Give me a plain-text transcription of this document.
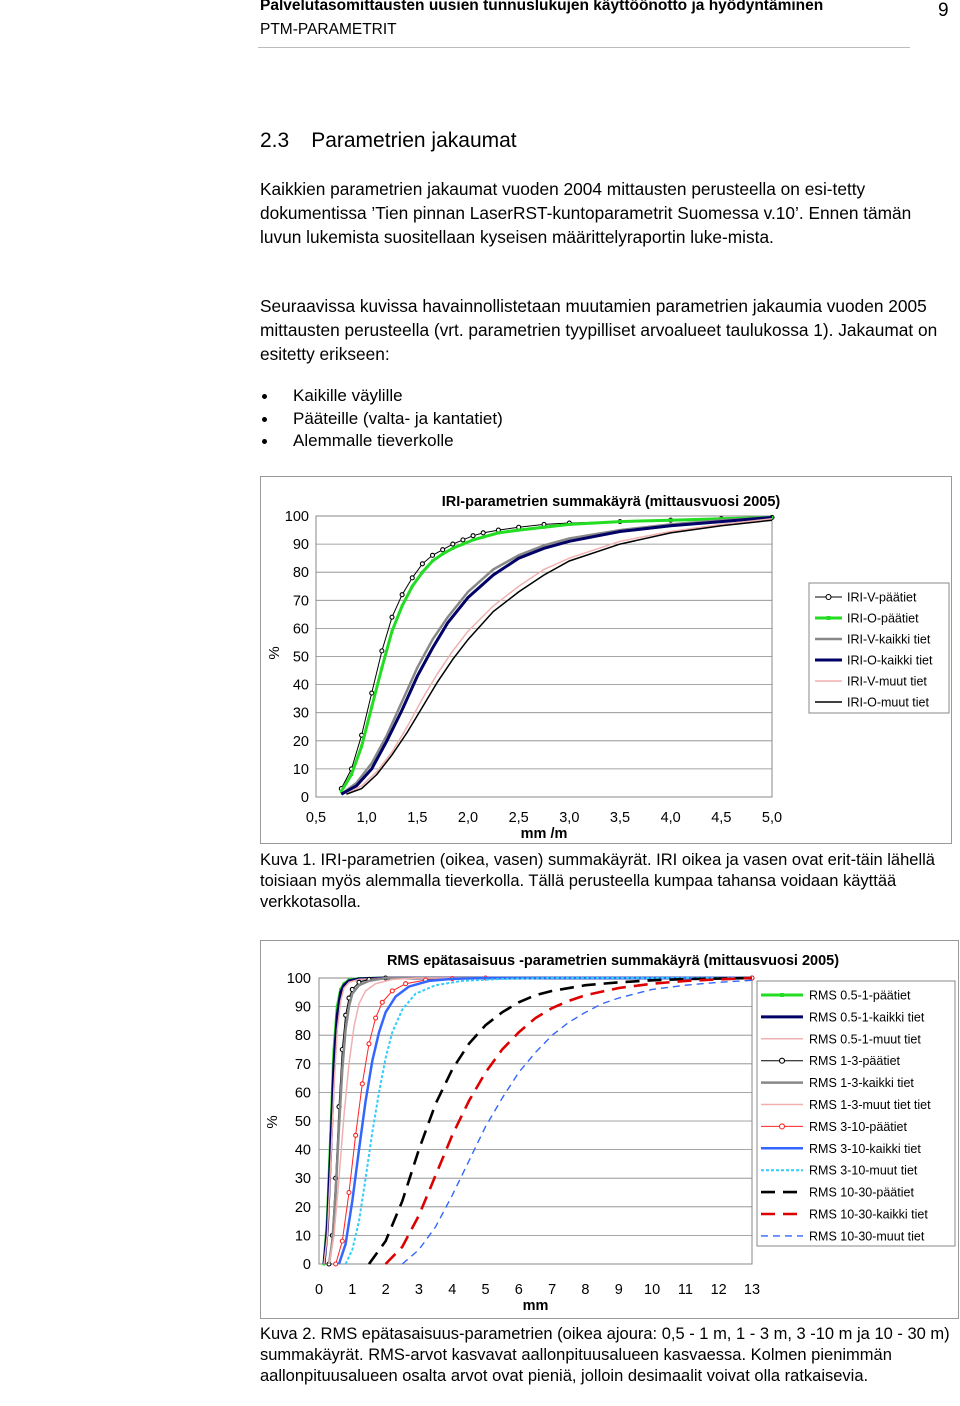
Palvelutasomittausten uusien tunnuslukujen käyttöönotto ja hyödyntäminen
PTM-PARAMETRIT
9
2.3 Parametrien jakaumat

Kaikkien parametrien jakaumat vuoden 2004 mittausten perusteella on esi-tetty dokumentissa ’Tien pinnan LaserRST-kuntoparametrit Suomessa v.10’. Ennen tämän luvun lukemista suositellaan kyseisen määrittelyraportin luke-mista.

Seuraavissa kuvissa havainnollistetaan muutamien parametrien jakaumia vuoden 2005 mittausten perusteella (vrt. parametrien tyypilliset arvoalueet taulukossa 1). Jakaumat on esitetty erikseen:

Kaikille väylille
Pääteille (valta- ja kantatiet)
Alemmalle tieverkolle
0
10
20
30
40
50
60
70
80
90
100
0,5 1,0 1,5 2,0 2,5 3,0 3,5 4,0 4,5 5,0
mm /m
%
IRI-parametrien summakäyrä (mittausvuosi 2005)
IRI-V-päätiet
IRI-O-päätiet
IRI-V-kaikki tiet
IRI-O-kaikki tiet
IRI-V-muut tiet
IRI-O-muut tiet

Kuva 1. IRI-parametrien (oikea, vasen) summakäyrät. IRI oikea ja vasen ovat erit-täin lähellä toisiaan myös alemmalla tieverkolla. Tällä perusteella kumpaa tahansa voidaan käyttää verkkotasolla.

0
10
20
30
40
50
60
70
80
90
100
0 1 2 3 4 5 6 7 8 9 10 11 12 13
mm
%
RMS epätasaisuus -parametrien summakäyrä (mittausvuosi 2005)
RMS 0.5-1-päätiet
RMS 0.5-1-kaikki tiet
RMS 0.5-1-muut tiet
RMS 1-3-päätiet
RMS 1-3-kaikki tiet
RMS 1-3-muut tiet tiet
RMS 3-10-päätiet
RMS 3-10-kaikki tiet
RMS 3-10-muut tiet
RMS 10-30-päätiet
RMS 10-30-kaikki tiet
RMS 10-30-muut tiet

Kuva 2. RMS epätasaisuus-parametrien (oikea ajoura: 0,5 - 1 m, 1 - 3 m, 3 -10 m ja 10 - 30 m) summakäyrät. RMS-arvot kasvavat aallonpituusalueen kasvaessa. Kolmen pienimmän aallonpituusalueen osalta arvot ovat pieniä, jolloin desimaalit voivat olla ratkaisevia.
